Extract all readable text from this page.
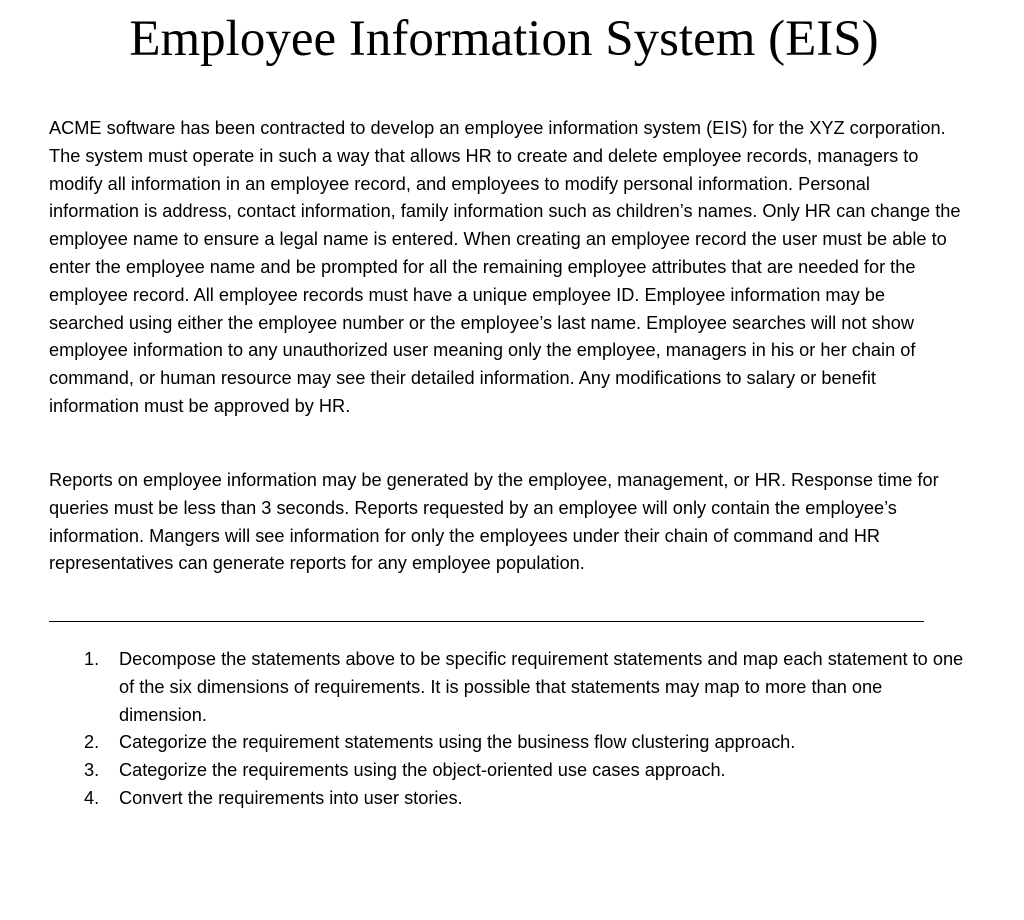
Employee Information System (EIS)

ACME software has been contracted to develop an employee information system (EIS) for the XYZ corporation. The system must operate in such a way that allows HR to create and delete employee records, managers to modify all information in an employee record, and employees to modify personal information. Personal information is address, contact information, family information such as children’s names. Only HR can change the employee name to ensure a legal name is entered. When creating an employee record the user must be able to enter the employee name and be prompted for all the remaining employee attributes that are needed for the employee record. All employee records must have a unique employee ID. Employee information may be searched using either the employee number or the employee’s last name. Employee searches will not show employee information to any unauthorized user meaning only the employee, managers in his or her chain of command, or human resource may see their detailed information. Any modifications to salary or benefit information must be approved by HR.

Reports on employee information may be generated by the employee, management, or HR. Response time for queries must be less than 3 seconds. Reports requested by an employee will only contain the employee’s information. Mangers will see information for only the employees under their chain of command and HR representatives can generate reports for any employee population.

1. Decompose the statements above to be specific requirement statements and map each statement to one of the six dimensions of requirements. It is possible that statements may map to more than one dimension.
2. Categorize the requirement statements using the business flow clustering approach.
3. Categorize the requirements using the object-oriented use cases approach.
4. Convert the requirements into user stories.
